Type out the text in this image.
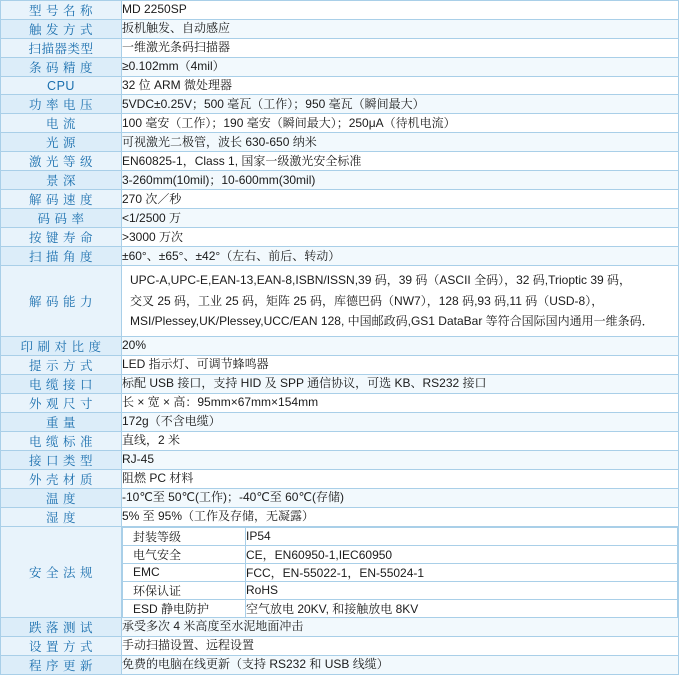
型 号 名 称	MD 2250SP
触 发 方 式	扳机触发、自动感应
扫描器类型	一维激光条码扫描器
条 码 精 度	≥0.102mm（4mil）
CPU	32 位 ARM 微处理器
功 率 电 压	5VDC±0.25V；500 毫瓦（工作）；950 毫瓦（瞬间最大）
电 流	100 毫安（工作）；190 毫安（瞬间最大）；250μA（待机电流）
光 源	可视激光二极管，波长 630-650 纳米
激 光 等 级	EN60825-1，Class 1, 国家一级激光安全标准
景 深	3-260mm(10mil)；10-600mm(30mil)
解 码 速 度	270 次／秒
码 码 率	<1/2500 万
按 键 寿 命	>3000 万次
扫 描 角 度	±60°、±65°、±42°（左右、前后、转动）
解 码 能 力	
UPC-A,UPC-E,EAN-13,EAN-8,ISBN/ISSN,39 码，39 码（ASCII 全码），32 码,Trioptic 39 码，
交叉 25 码，工业 25 码，矩阵 25 码，库德巴码（NW7），128 码,93 码,11 码（USD-8），
MSI/Plessey,UK/Plessey,UCC/EAN 128, 中国邮政码,GS1 DataBar 等符合国际国内通用一维条码．

印 刷 对 比 度	20%
提 示 方 式	LED 指示灯、可调节蜂鸣器
电 缆 接 口	标配 USB 接口，支持 HID 及 SPP 通信协议，可选 KB、RS232 接口
外 观 尺 寸	长 × 宽 × 高：95mm×67mm×154mm
重 量	172g（不含电缆）
电 缆 标 准	直线，2 米
接 口 类 型	RJ-45
外 壳 材 质	阻燃 PC 材料
温 度	-10℃至 50℃(工作)；-40℃至 60℃(存储)
湿 度	5% 至 95%（工作及存储，无凝露）
安 全 法 规	
封装等级	IP54
电气安全	CE，EN60950-1,IEC60950
EMC	FCC，EN-55022-1，EN-55024-1
环保认证	RoHS
ESD 静电防护	空气放电 20KV, 和接触放电 8KV

跌 落 测 试	承受多次 4 米高度至水泥地面冲击
设 置 方 式	手动扫描设置、远程设置
程 序 更 新	免费的电脑在线更新（支持 RS232 和 USB 线缆）
